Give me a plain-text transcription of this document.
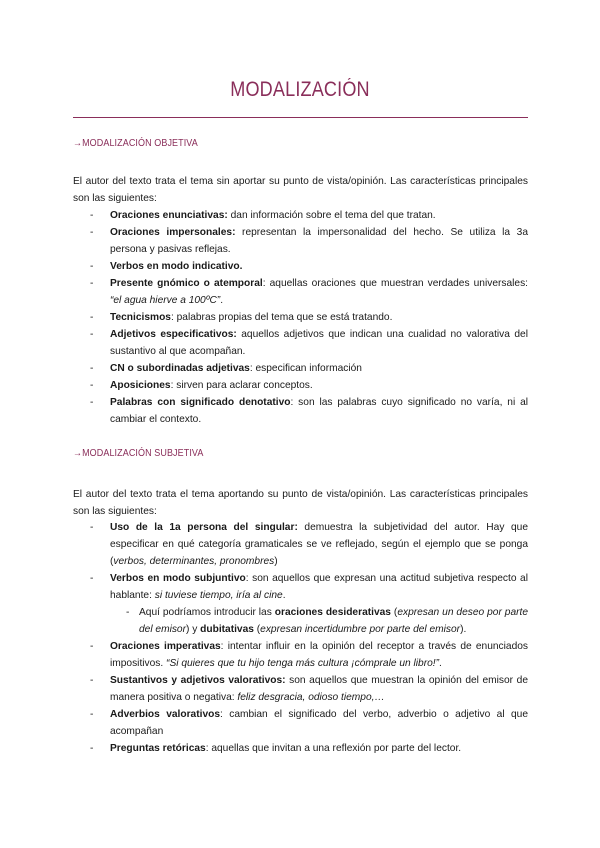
MODALIZACIÓN
→MODALIZACIÓN OBJETIVA
El autor del texto trata el tema sin aportar su punto de vista/opinión. Las características principales son las siguientes:
- Oraciones enunciativas: dan información sobre el tema del que tratan.
- Oraciones impersonales: representan la impersonalidad del hecho. Se utiliza la 3a persona y pasivas reflejas.
- Verbos en modo indicativo.
- Presente gnómico o atemporal: aquellas oraciones que muestran verdades universales: “el agua hierve a 100ºC”.
- Tecnicismos: palabras propias del tema que se está tratando.
- Adjetivos especificativos: aquellos adjetivos que indican una cualidad no valorativa del sustantivo al que acompañan.
- CN o subordinadas adjetivas: especifican información
- Aposiciones: sirven para aclarar conceptos.
- Palabras con significado denotativo: son las palabras cuyo significado no varía, ni al cambiar el contexto.
→MODALIZACIÓN SUBJETIVA
El autor del texto trata el tema aportando su punto de vista/opinión. Las características principales son las siguientes:
- Uso de la 1a persona del singular: demuestra la subjetividad del autor. Hay que especificar en qué categoría gramaticales se ve reflejado, según el ejemplo que se ponga (verbos, determinantes, pronombres)
- Verbos en modo subjuntivo: son aquellos que expresan una actitud subjetiva respecto al hablante: si tuviese tiempo, iría al cine.
- Aquí podríamos introducir las oraciones desiderativas (expresan un deseo por parte del emisor) y dubitativas (expresan incertidumbre por parte del emisor).
- Oraciones imperativas: intentar influir en la opinión del receptor a través de enunciados impositivos. “Si quieres que tu hijo tenga más cultura ¡cómprale un libro!”.
- Sustantivos y adjetivos valorativos: son aquellos que muestran la opinión del emisor de manera positiva o negativa: feliz desgracia, odioso tiempo,…
- Adverbios valorativos: cambian el significado del verbo, adverbio o adjetivo al que acompañan
- Preguntas retóricas: aquellas que invitan a una reflexión por parte del lector.
